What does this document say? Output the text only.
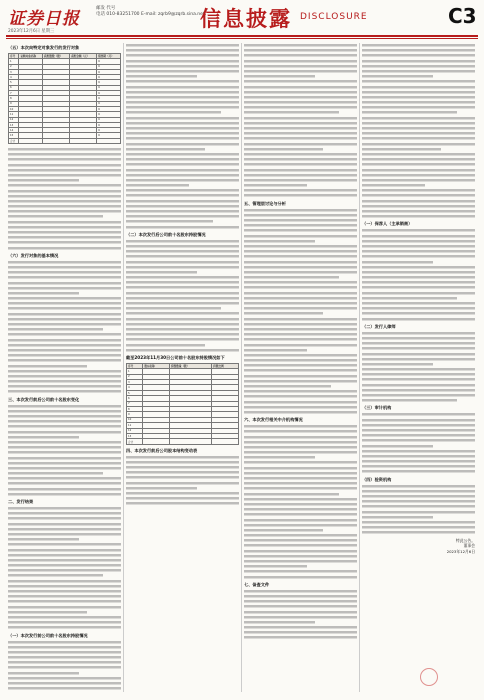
证券日报
邮发 代号
电话 010-83251700 E-mail: zqrb9@zqrb.sina.net
2023年12月6日 星期三
信息披露 DISCLOSURE	C3
（五）本次向特定对象发行的发行对象
序号	认购对象名称	获配股数（股）	获配金额（元）	限售期（月）
1				6
2				6
3				6
4				6
5				6
6				6
7				6
8				6
9				6
10				6
11				6
12				6
13				6
14				6
15				6
合计				
（六）发行对象的基本情况
三、本次发行前后公司前十名股东变化
二、发行结果
（一）本次发行前公司前十名股东持股情况
（二）本次发行后公司前十名股东持股情况
截至2023年11月30日公司前十名股东持股情况如下
序号	股东名称	持股数量（股）	持股比例
1			
2			
3			
4			
5			
6			
7			
8			
9			
10			
11			
12			
13			
合计			
四、本次发行前后公司股本结构变动表
五、管理层讨论与分析
六、本次发行相关中介机构情况
七、备查文件
（一）保荐人（主承销商）
（二）发行人律师
（三）审计机构
（四）验资机构
特此公告。
董事会
2023年12月6日
